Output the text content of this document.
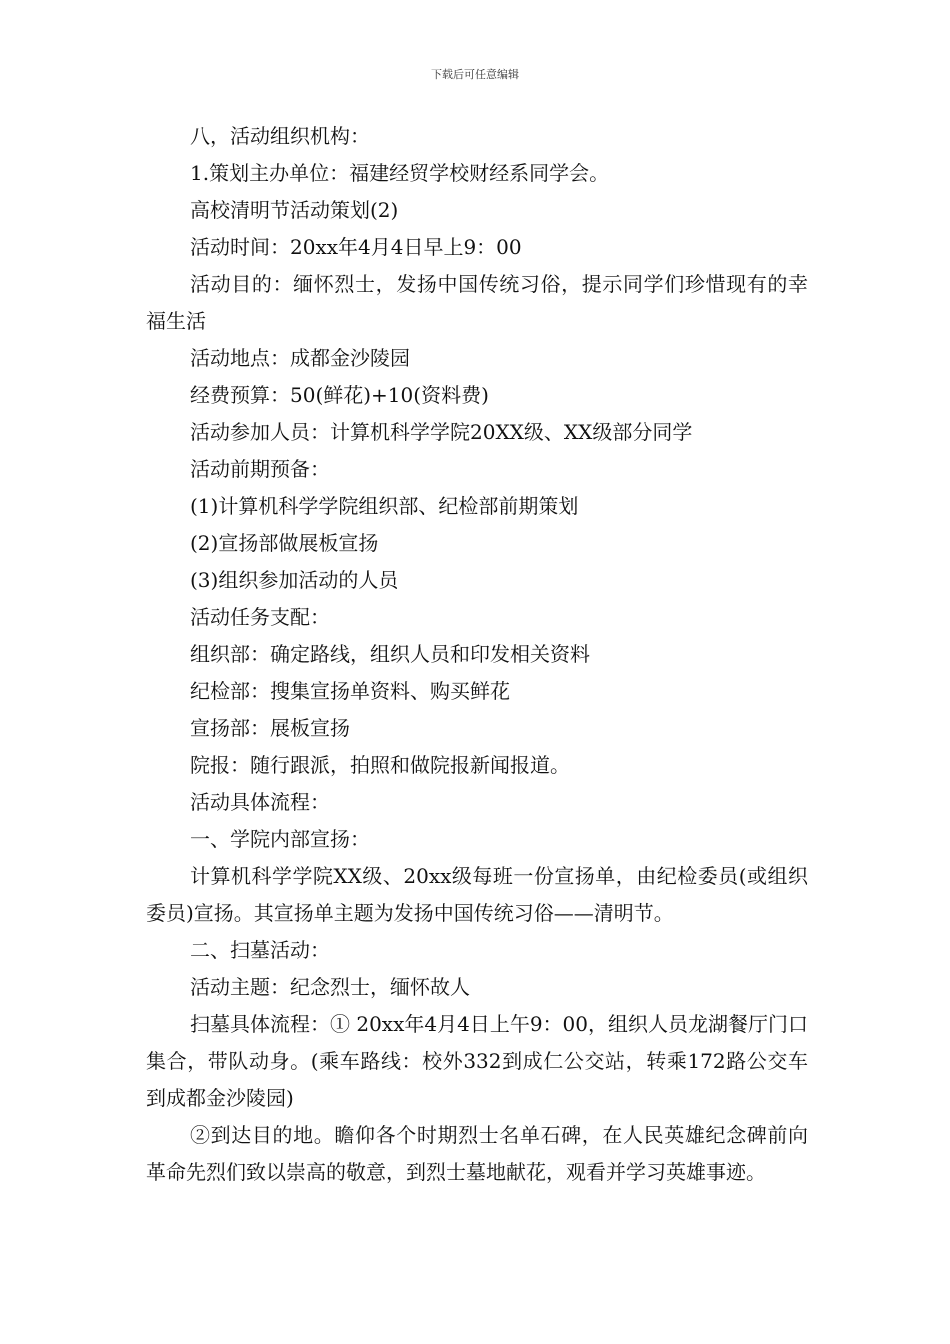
下载后可任意编辑

八，活动组织机构：

1.策划主办单位：福建经贸学校财经系同学会。

高校清明节活动策划(2)

活动时间：20xx年4月4日早上9：00

活动目的：缅怀烈士，发扬中国传统习俗，提示同学们珍惜现有的幸福生活

活动地点：成都金沙陵园

经费预算：50(鲜花)+10(资料费)

活动参加人员：计算机科学学院20XX级、XX级部分同学

活动前期预备：

(1)计算机科学学院组织部、纪检部前期策划

(2)宣扬部做展板宣扬

(3)组织参加活动的人员

活动任务支配：

组织部：确定路线，组织人员和印发相关资料

纪检部：搜集宣扬单资料、购买鲜花

宣扬部：展板宣扬

院报：随行跟派，拍照和做院报新闻报道。

活动具体流程：

一、学院内部宣扬：

计算机科学学院XX级、20xx级每班一份宣扬单，由纪检委员(或组织委员)宣扬。其宣扬单主题为发扬中国传统习俗——清明节。

二、扫墓活动：

活动主题：纪念烈士，缅怀故人

扫墓具体流程：① 20xx年4月4日上午9：00，组织人员龙湖餐厅门口集合，带队动身。(乘车路线：校外332到成仁公交站，转乘172路公交车到成都金沙陵园)

②到达目的地。瞻仰各个时期烈士名单石碑，在人民英雄纪念碑前向革命先烈们致以崇高的敬意，到烈士墓地献花，观看并学习英雄事迹。
